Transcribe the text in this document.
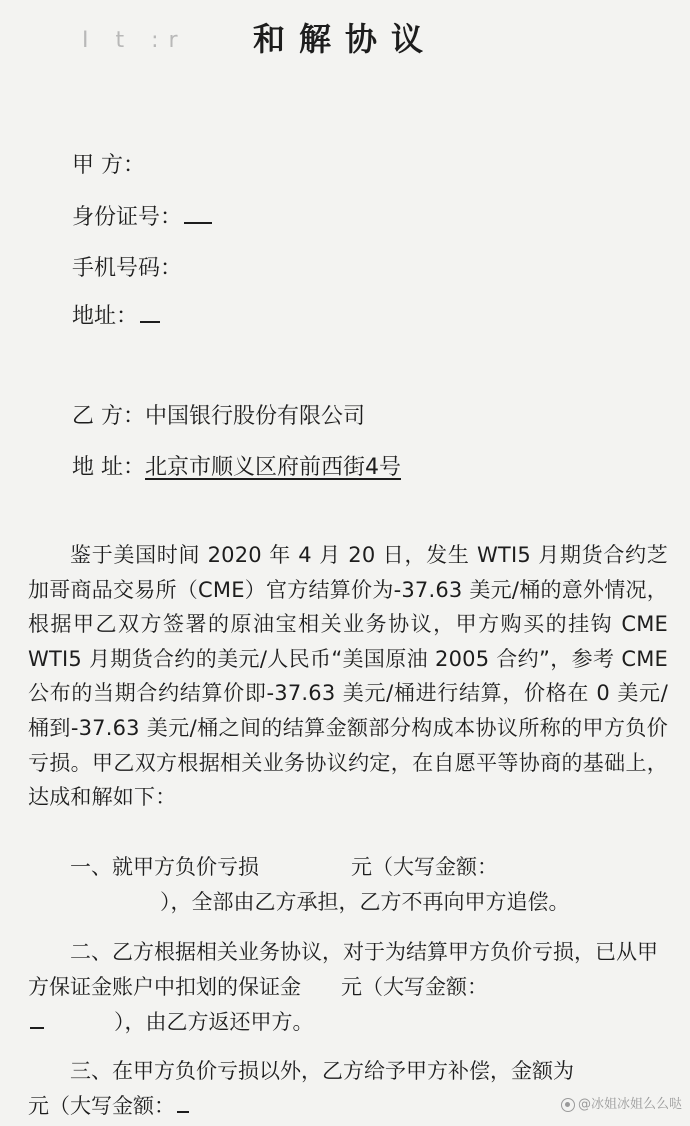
I t :r	和解协议
甲 方：
身份证号：
手机号码：
地址：
乙 方：中国银行股份有限公司
地 址：北京市顺义区府前西街4号
鉴于美国时间 2020 年 4 月 20 日，发生 WTI5 月期货合约芝加哥商品交易所（CME）官方结算价为-37.63 美元/桶的意外情况，根据甲乙双方签署的原油宝相关业务协议，甲方购买的挂钩 CME WTI5 月期货合约的美元/人民币“美国原油 2005 合约”，参考 CME 公布的当期合约结算价即-37.63 美元/桶进行结算，价格在 0 美元/桶到-37.63 美元/桶之间的结算金额部分构成本协议所称的甲方负价亏损。甲乙双方根据相关业务协议约定，在自愿平等协商的基础上，达成和解如下：
一、就甲方负价亏损	元（大写金额：
），全部由乙方承担，乙方不再向甲方追偿。
二、乙方根据相关业务协议，对于为结算甲方负价亏损，已从甲
方保证金账户中扣划的保证金 元（大写金额：
），由乙方返还甲方。
三、在甲方负价亏损以外，乙方给予甲方补偿，金额为
元（大写金额：	@冰姐冰姐么么哒
